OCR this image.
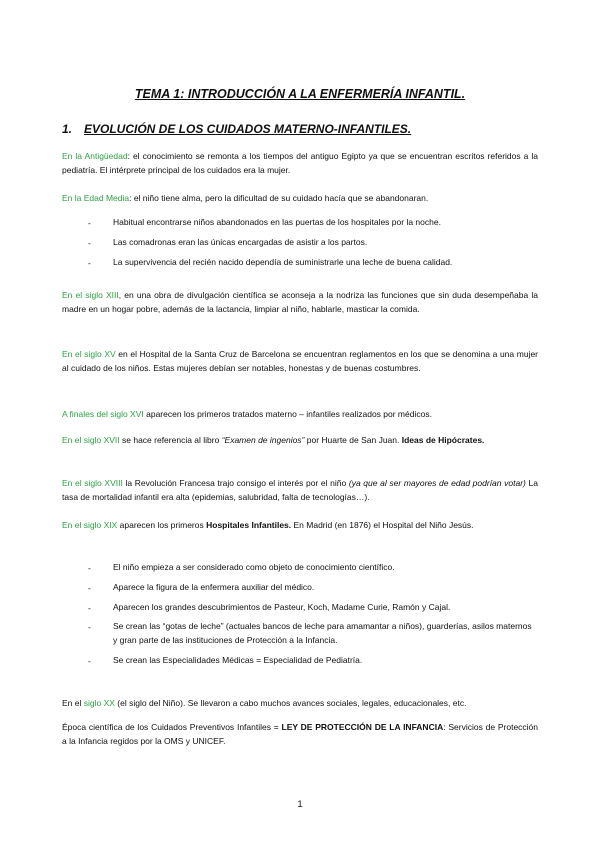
TEMA 1: INTRODUCCIÓN A LA ENFERMERÍA INFANTIL.
1. EVOLUCIÓN DE LOS CUIDADOS MATERNO-INFANTILES.
En la Antigüedad: el conocimiento se remonta a los tiempos del antiguo Egipto ya que se encuentran escritos referidos a la pediatría. El intérprete principal de los cuidados era la mujer.
En la Edad Media: el niño tiene alma, pero la dificultad de su cuidado hacía que se abandonaran.
-	Habitual encontrarse niños abandonados en las puertas de los hospitales por la noche.
-	Las comadronas eran las únicas encargadas de asistir a los partos.
-	La supervivencia del recién nacido dependía de suministrarle una leche de buena calidad.
En el siglo XIII, en una obra de divulgación científica se aconseja a la nodriza las funciones que sin duda desempeñaba la madre en un hogar pobre, además de la lactancia, limpiar al niño, hablarle, masticar la comida.
En el siglo XV en el Hospital de la Santa Cruz de Barcelona se encuentran reglamentos en los que se denomina a una mujer al cuidado de los niños. Estas mujeres debían ser notables, honestas y de buenas costumbres.
A finales del siglo XVI aparecen los primeros tratados materno – infantiles realizados por médicos.
En el siglo XVII se hace referencia al libro “Examen de ingenios” por Huarte de San Juan. Ideas de Hipócrates.
En el siglo XVIII la Revolución Francesa trajo consigo el interés por el niño (ya que al ser mayores de edad podrían votar) La tasa de mortalidad infantil era alta (epidemias, salubridad, falta de tecnologías…).
En el siglo XIX aparecen los primeros Hospitales Infantiles. En Madrid (en 1876) el Hospital del Niño Jesús.
-	El niño empieza a ser considerado como objeto de conocimiento científico.
-	Aparece la figura de la enfermera auxiliar del médico.
-	Aparecen los grandes descubrimientos de Pasteur, Koch, Madame Curie, Ramón y Cajal.
-	Se crean las “gotas de leche” (actuales bancos de leche para amamantar a niños), guarderías, asilos maternos y gran parte de las instituciones de Protección a la Infancia.
-	Se crean las Especialidades Médicas = Especialidad de Pediatría.
En el siglo XX (el siglo del Niño). Se llevaron a cabo muchos avances sociales, legales, educacionales, etc.
Época científica de los Cuidados Preventivos Infantiles = LEY DE PROTECCIÓN DE LA INFANCIA: Servicios de Protección a la Infancia regidos por la OMS y UNICEF.
1
